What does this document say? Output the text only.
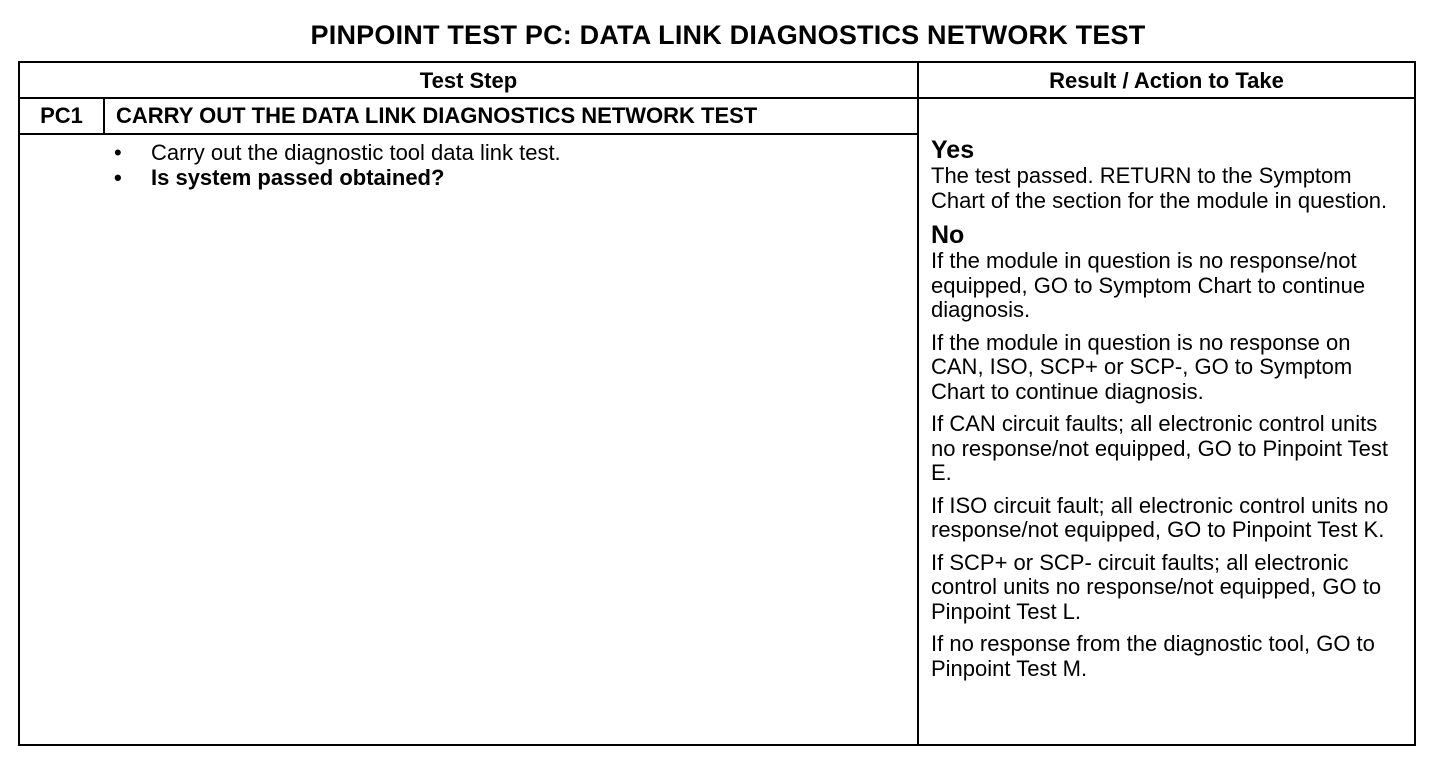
PINPOINT TEST PC: DATA LINK DIAGNOSTICS NETWORK TEST
Test Step	Result / Action to Take
PC1	CARRY OUT THE DATA LINK DIAGNOSTICS NETWORK TEST
• Carry out the diagnostic tool data link test.
• Is system passed obtained?
Yes

The test passed. RETURN to the Symptom Chart of the section for the module in question.

No

If the module in question is no response/not equipped, GO to Symptom Chart to continue diagnosis.

If the module in question is no response on CAN, ISO, SCP+ or SCP-, GO to Symptom Chart to continue diagnosis.

If CAN circuit faults; all electronic control units no response/not equipped, GO to Pinpoint Test E.

If ISO circuit fault; all electronic control units no response/not equipped, GO to Pinpoint Test K.

If SCP+ or SCP- circuit faults; all electronic control units no response/not equipped, GO to Pinpoint Test L.

If no response from the diagnostic tool, GO to Pinpoint Test M.
